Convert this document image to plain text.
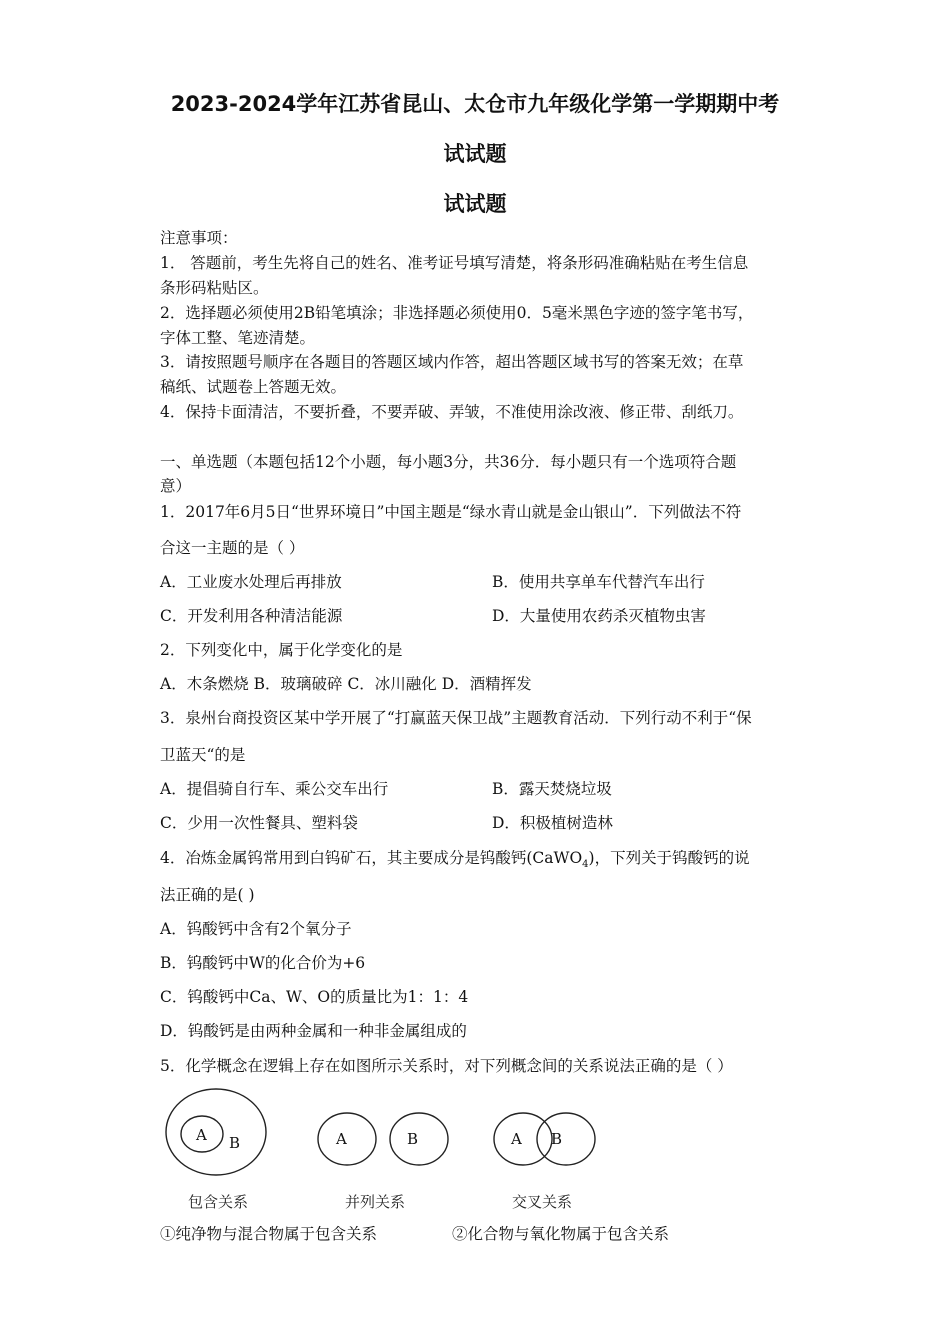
2023-2024学年江苏省昆山、太仓市九年级化学第一学期期中考
试试题
试试题
注意事项：
1． 答题前，考生先将自己的姓名、准考证号填写清楚，将条形码准确粘贴在考生信息
条形码粘贴区。
2．选择题必须使用2B铅笔填涂；非选择题必须使用0．5毫米黑色字迹的签字笔书写，
字体工整、笔迹清楚。
3．请按照题号顺序在各题目的答题区域内作答，超出答题区域书写的答案无效；在草
稿纸、试题卷上答题无效。
4．保持卡面清洁，不要折叠，不要弄破、弄皱，不准使用涂改液、修正带、刮纸刀。
一、单选题（本题包括12个小题，每小题3分，共36分．每小题只有一个选项符合题
意）
1．2017年6月5日“世界环境日”中国主题是“绿水青山就是金山银山”．下列做法不符
合这一主题的是（ ）
A．工业废水处理后再排放	B．使用共享单车代替汽车出行
C．开发利用各种清洁能源	D．大量使用农药杀灭植物虫害
2．下列变化中，属于化学变化的是
A．木条燃烧 B．玻璃破碎 C．冰川融化 D．酒精挥发
3．泉州台商投资区某中学开展了“打赢蓝天保卫战”主题教育活动．下列行动不利于“保
卫蓝天“的是
A．提倡骑自行车、乘公交车出行	B．露天焚烧垃圾
C．少用一次性餐具、塑料袋	D．积极植树造林
4．冶炼金属钨常用到白钨矿石，其主要成分是钨酸钙(CaWO$_4$)，下列关于钨酸钙的说
法正确的是( )
A．钨酸钙中含有2个氧分子
B．钨酸钙中W的化合价为+6
C．钨酸钙中Ca、W、O的质量比为1：1：4
D．钨酸钙是由两种金属和一种非金属组成的
5．化学概念在逻辑上存在如图所示关系时，对下列概念间的关系说法正确的是（ ）
A B
包含关系
A	B
并列关系
A B
交叉关系
①纯净物与混合物属于包含关系	②化合物与氧化物属于包含关系
